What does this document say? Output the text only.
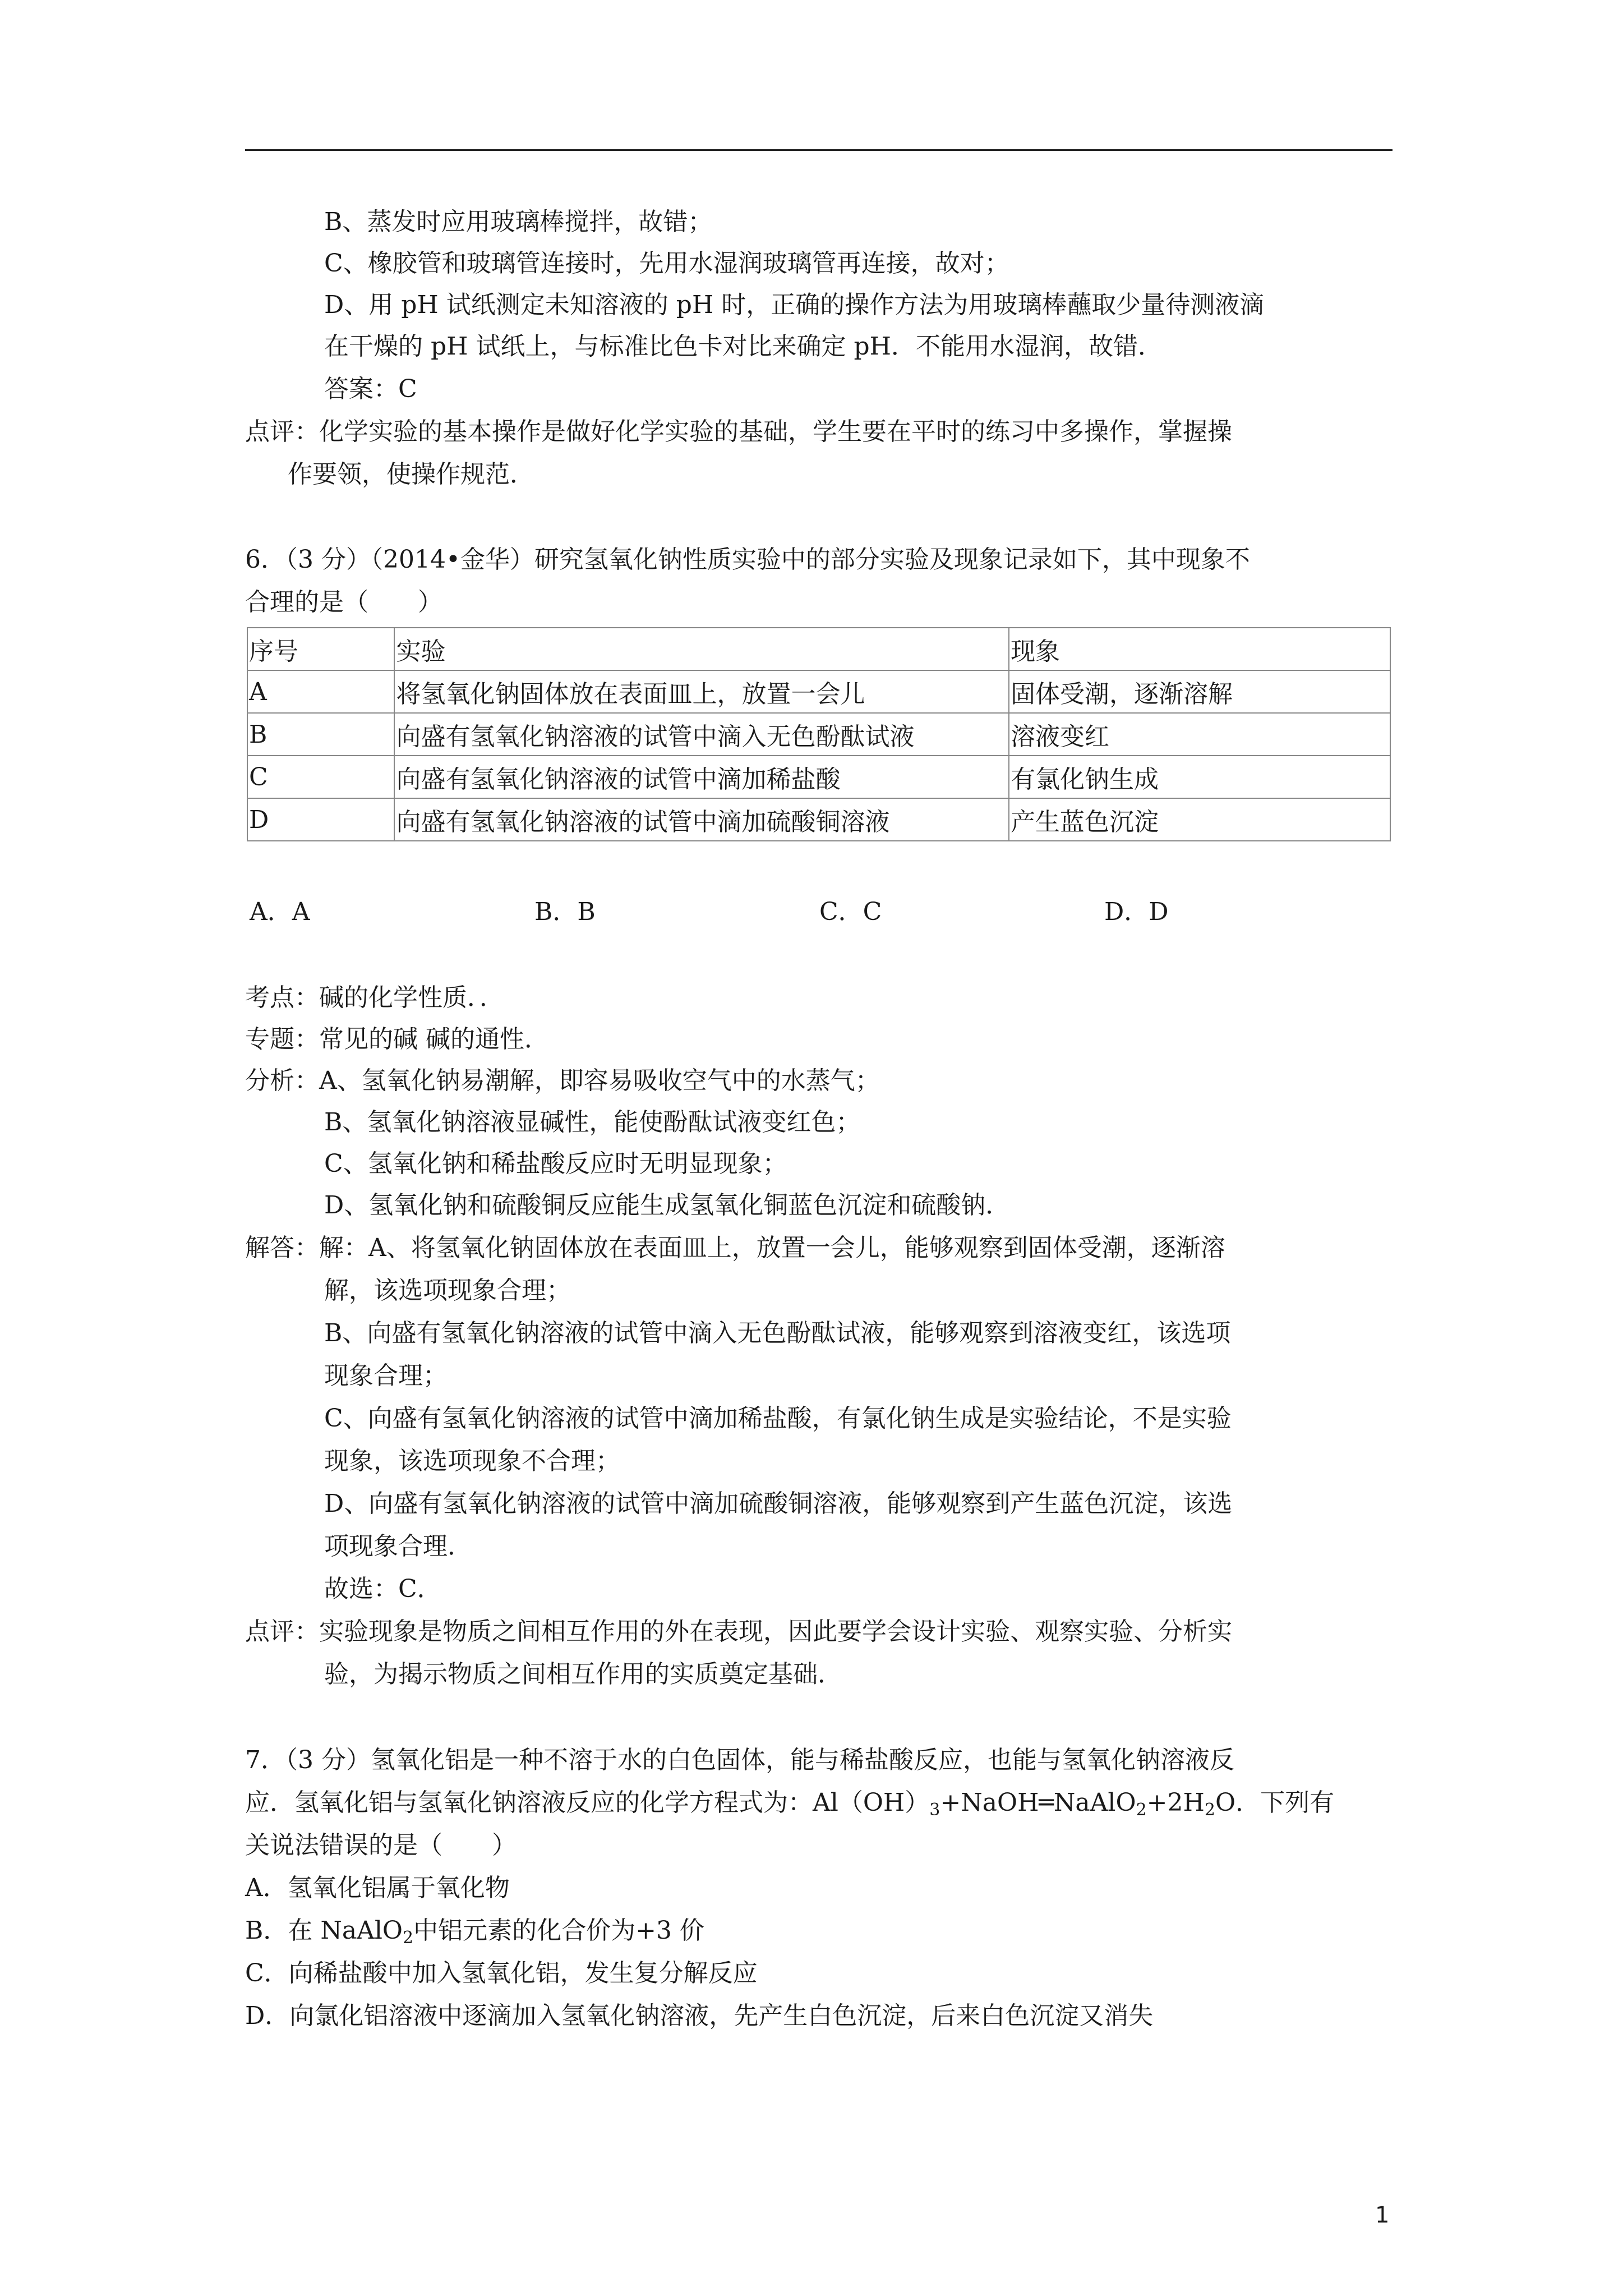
B、蒸发时应用玻璃棒搅拌，故错；
C、橡胶管和玻璃管连接时，先用水湿润玻璃管再连接，故对；
D、用 pH 试纸测定未知溶液的 pH 时，正确的操作方法为用玻璃棒蘸取少量待测液滴
在干燥的 pH 试纸上，与标准比色卡对比来确定 pH．不能用水湿润，故错．
答案：C
点评：化学实验的基本操作是做好化学实验的基础，学生要在平时的练习中多操作，掌握操
作要领，使操作规范．
6．（3 分）（2014•金华）研究氢氧化钠性质实验中的部分实验及现象记录如下，其中现象不
合理的是（　　）
序号	实验	现象
A	将氢氧化钠固体放在表面皿上，放置一会儿	固体受潮，逐渐溶解
B	向盛有氢氧化钠溶液的试管中滴入无色酚酞试液	溶液变红
C	向盛有氢氧化钠溶液的试管中滴加稀盐酸	有氯化钠生成
D	向盛有氢氧化钠溶液的试管中滴加硫酸铜溶液	产生蓝色沉淀
A．A	B．B	C．C	D．D
考点：碱的化学性质．．
专题：常见的碱 碱的通性．
分析：A、氢氧化钠易潮解，即容易吸收空气中的水蒸气；
B、氢氧化钠溶液显碱性，能使酚酞试液变红色；
C、氢氧化钠和稀盐酸反应时无明显现象；
D、氢氧化钠和硫酸铜反应能生成氢氧化铜蓝色沉淀和硫酸钠．
解答：解：A、将氢氧化钠固体放在表面皿上，放置一会儿，能够观察到固体受潮，逐渐溶
解，该选项现象合理；
B、向盛有氢氧化钠溶液的试管中滴入无色酚酞试液，能够观察到溶液变红，该选项
现象合理；
C、向盛有氢氧化钠溶液的试管中滴加稀盐酸，有氯化钠生成是实验结论，不是实验
现象，该选项现象不合理；
D、向盛有氢氧化钠溶液的试管中滴加硫酸铜溶液，能够观察到产生蓝色沉淀，该选
项现象合理．
故选：C．
点评：实验现象是物质之间相互作用的外在表现，因此要学会设计实验、观察实验、分析实
验，为揭示物质之间相互作用的实质奠定基础．
7．（3 分）氢氧化铝是一种不溶于水的白色固体，能与稀盐酸反应，也能与氢氧化钠溶液反
应．氢氧化铝与氢氧化钠溶液反应的化学方程式为：$Al(OH)_3+NaOH═NaAlO_2+2H_2O$．下列有
关说法错误的是（　　）
A．氢氧化铝属于氧化物
B．在 NaAlO$_2$中铝元素的化合价为+3 价
C．向稀盐酸中加入氢氧化铝，发生复分解反应
D．向氯化铝溶液中逐滴加入氢氧化钠溶液，先产生白色沉淀，后来白色沉淀又消失
1
